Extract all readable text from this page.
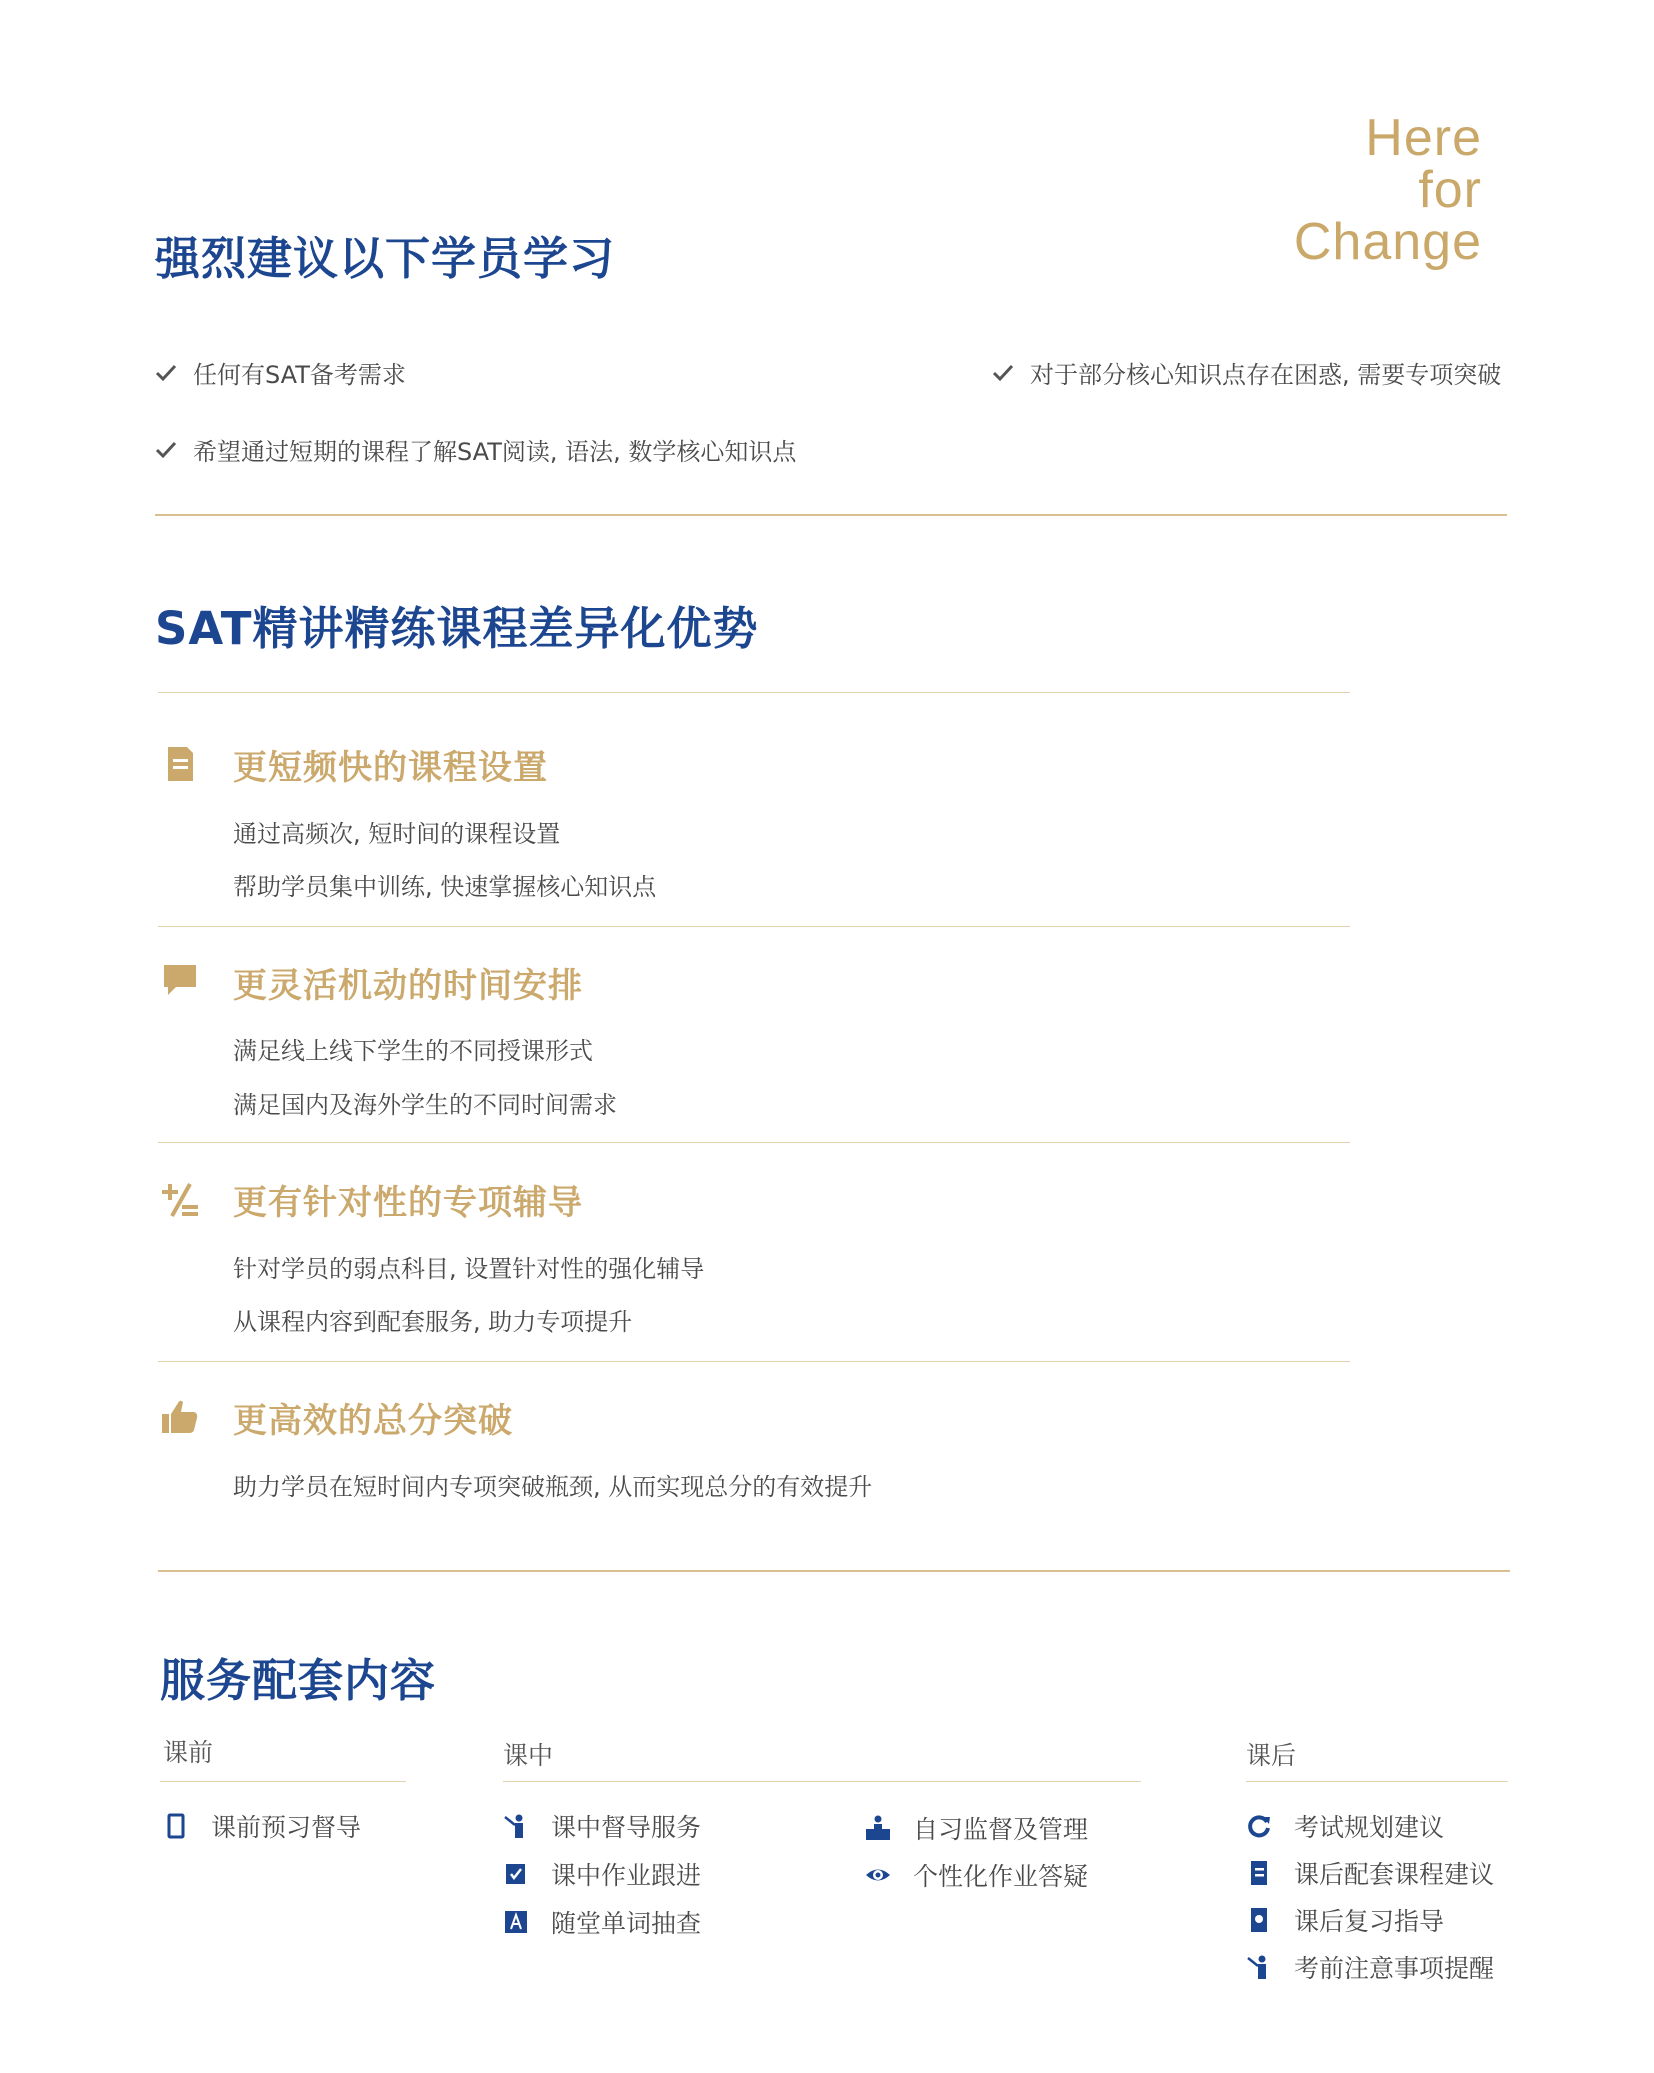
Here
for
Change
强烈建议以下学员学习
任何有SAT备考需求	对于部分核心知识点存在困惑, 需要专项突破
希望通过短期的课程了解SAT阅读, 语法, 数学核心知识点
SAT精讲精练课程差异化优势
更短频快的课程设置
通过高频次, 短时间的课程设置
帮助学员集中训练, 快速掌握核心知识点
更灵活机动的时间安排
满足线上线下学生的不同授课形式
满足国内及海外学生的不同时间需求
更有针对性的专项辅导
针对学员的弱点科目, 设置针对性的强化辅导
从课程内容到配套服务, 助力专项提升
更高效的总分突破
助力学员在短时间内专项突破瓶颈, 从而实现总分的有效提升
服务配套内容
课前
课前预习督导
课中
课中督导服务
课中作业跟进
随堂单词抽查
自习监督及管理
个性化作业答疑
课后
考试规划建议
课后配套课程建议
课后复习指导
考前注意事项提醒
